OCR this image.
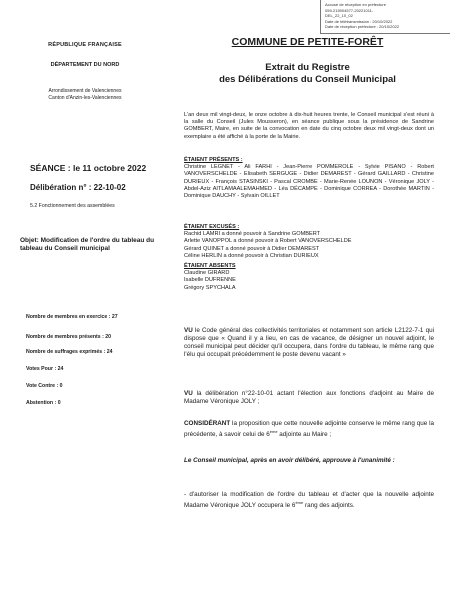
Accusé de réception en préfecture
059-215904577-20221011-
DEL_22_10_02
Date de télétransmission : 20/10/2022
Date de réception préfecture : 20/10/2022
RÉPUBLIQUE FRANÇAISE
DÉPARTEMENT DU NORD
Arrondissement de Valenciennes
Canton d'Anzin-les-Valenciennes
COMMUNE DE PETITE-FORÊT
Extrait du Registre
des Délibérations du Conseil Municipal
L'an deux mil vingt-deux, le onze octobre à dix-huit heures trente, le Conseil municipal s'est réuni à la salle du Conseil (Jules Mousseron), en séance publique sous la présidence de Sandrine GOMBERT, Maire, en suite de la convocation en date du cinq octobre deux mil vingt-deux dont un exemplaire a été affiché à la porte de la Mairie.
SÉANCE : le 11 octobre 2022
Délibération n° : 22-10-02
5.2 Fonctionnement des assemblées
Objet: Modification de l'ordre du tableau du tableau du Conseil municipal
ÉTAIENT PRÉSENTS :
Christine LEGNET - Ali FARHI - Jean-Pierre POMMEROLE - Sylvie PISANO - Robert VANOVERSCHELDE - Elisabeth SERGUGE - Didier DEMAREST - Gérard GAILLARD - Christine DURIEUX - François STASINSKI - Pascal CROMBE - Marie-Renée LOUNON - Véronique JOLY - Abdel-Aziz AITLAMAALEMAHMED - Léa DÉCAMPE - Dominique CORREA - Dorothée MARTIN - Dominique DAUCHY - Sylvain OILLET
ÉTAIENT EXCUSÉS :
Rachid LAMRI a donné pouvoir à Sandrine GOMBERT
Arlette VANOPPOL a donné pouvoir à Robert VANOVERSCHELDE
Gérard QUINET a donné pouvoir à Didier DEMAREST
Céline HERLIN a donné pouvoir à Christian DURIEUX
ÉTAIENT ABSENTS
Claudine GIRARD
Isabelle DUFRENNE
Grégory SPYCHALA
Nombre de membres en exercice : 27
Nombre de membres présents : 20
Nombre de suffrages exprimés : 24
Votes Pour : 24
Vote Contre : 0
Abstention : 0
VU le Code général des collectivités territoriales et notamment son article L2122-7-1 qui dispose que « Quand il y a lieu, en cas de vacance, de désigner un nouvel adjoint, le conseil municipal peut décider qu'il occupera, dans l'ordre du tableau, le même rang que l'élu qui occupait précédemment le poste devenu vacant »
VU la délibération n°22-10-01 actant l'élection aux fonctions d'adjoint au Maire de Madame Véronique JOLY ;
CONSIDÉRANT la proposition que cette nouvelle adjointe conserve le même rang que la précédente, à savoir celui de 6ème adjointe au Maire ;
Le Conseil municipal, après en avoir délibéré, approuve à l'unanimité :
- d'autoriser la modification de l'ordre du tableau et d'acter que la nouvelle adjointe Madame Véronique JOLY occupera le 6ème rang des adjoints.
